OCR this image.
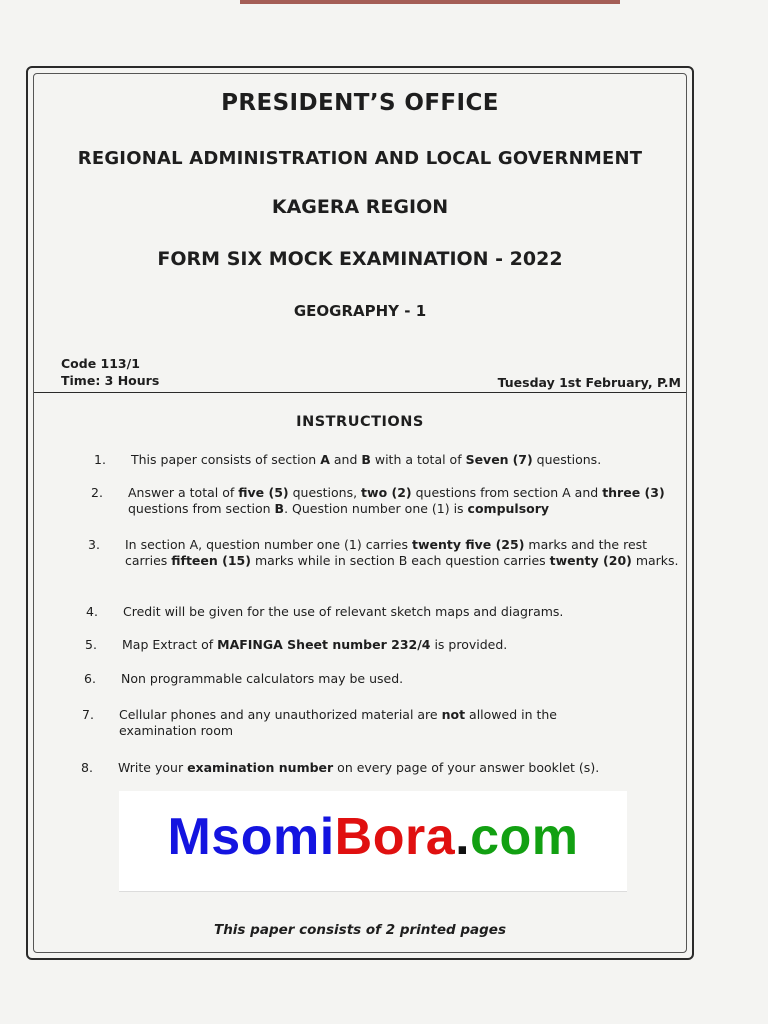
PRESIDENT’S OFFICE
REGIONAL ADMINISTRATION AND LOCAL GOVERNMENT
KAGERA REGION
FORM SIX MOCK EXAMINATION - 2022
GEOGRAPHY - 1
Code 113/1
Time: 3 Hours	Tuesday 1st February, P.M
INSTRUCTIONS
1. This paper consists of section A and B with a total of Seven (7) questions.
2. Answer a total of five (5) questions, two (2) questions from section A and three (3) questions from section B. Question number one (1) is compulsory
3. In section A, question number one (1) carries twenty five (25) marks and the rest carries fifteen (15) marks while in section B each question carries twenty (20) marks.
4. Credit will be given for the use of relevant sketch maps and diagrams.
5. Map Extract of MAFINGA Sheet number 232/4 is provided.
6. Non programmable calculators may be used.
7. Cellular phones and any unauthorized material are not allowed in the examination room
8. Write your examination number on every page of your answer booklet (s).
MsomiBora.com
This paper consists of 2 printed pages
